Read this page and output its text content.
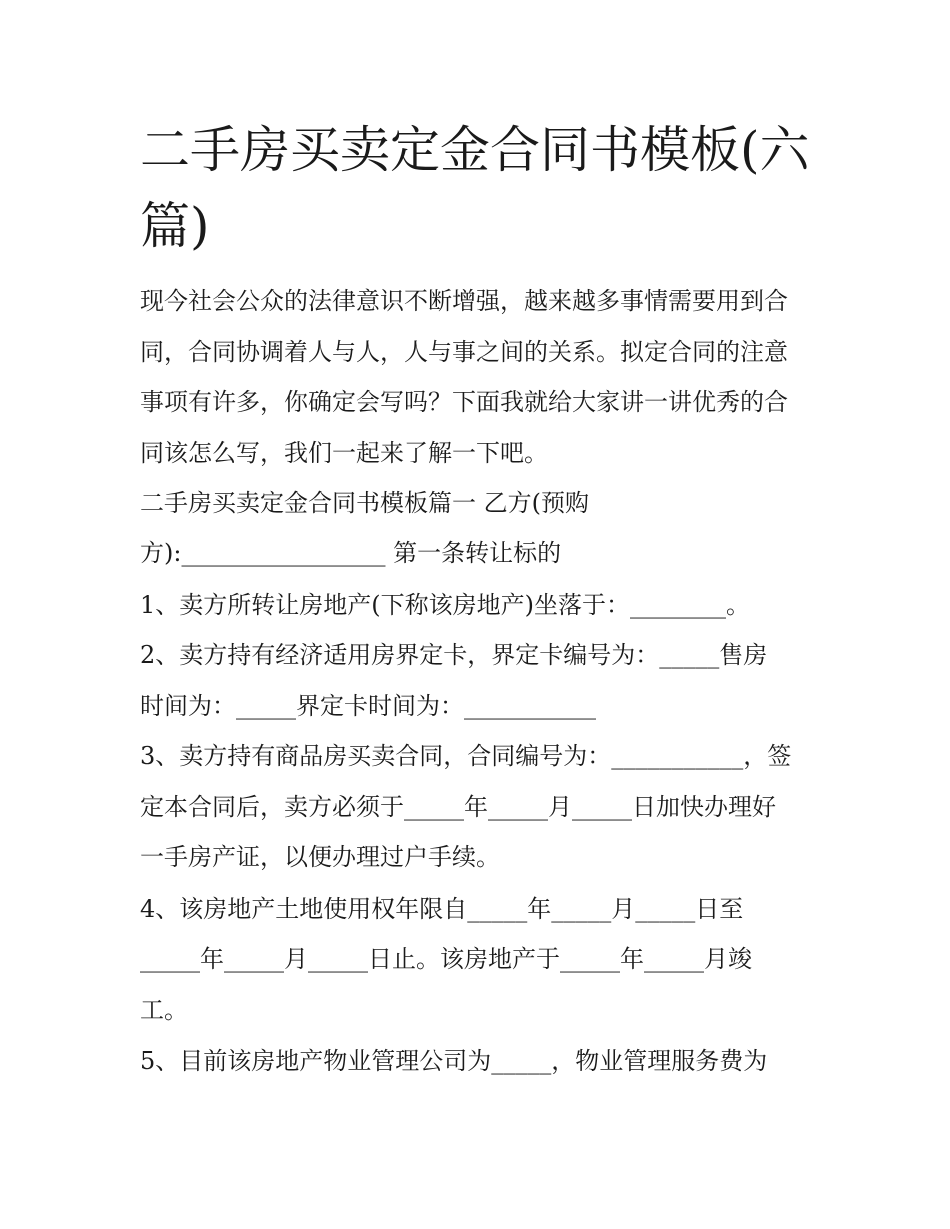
二手房买卖定金合同书模板(六
篇)
现今社会公众的法律意识不断增强，越来越多事情需要用到合
同，合同协调着人与人，人与事之间的关系。拟定合同的注意
事项有许多，你确定会写吗？下面我就给大家讲一讲优秀的合
同该怎么写，我们一起来了解一下吧。
二手房买卖定金合同书模板篇一 乙方(预购
方):_________________ 第一条转让标的
1、卖方所转让房地产(下称该房地产)坐落于：________。
2、卖方持有经济适用房界定卡，界定卡编号为：_____售房
时间为：_____界定卡时间为：___________
3、卖方持有商品房买卖合同，合同编号为：___________，签
定本合同后，卖方必须于_____年_____月_____日加快办理好
一手房产证，以便办理过户手续。
4、该房地产土地使用权年限自_____年_____月_____日至
_____年_____月_____日止。该房地产于_____年_____月竣
工。
5、目前该房地产物业管理公司为_____，物业管理服务费为
